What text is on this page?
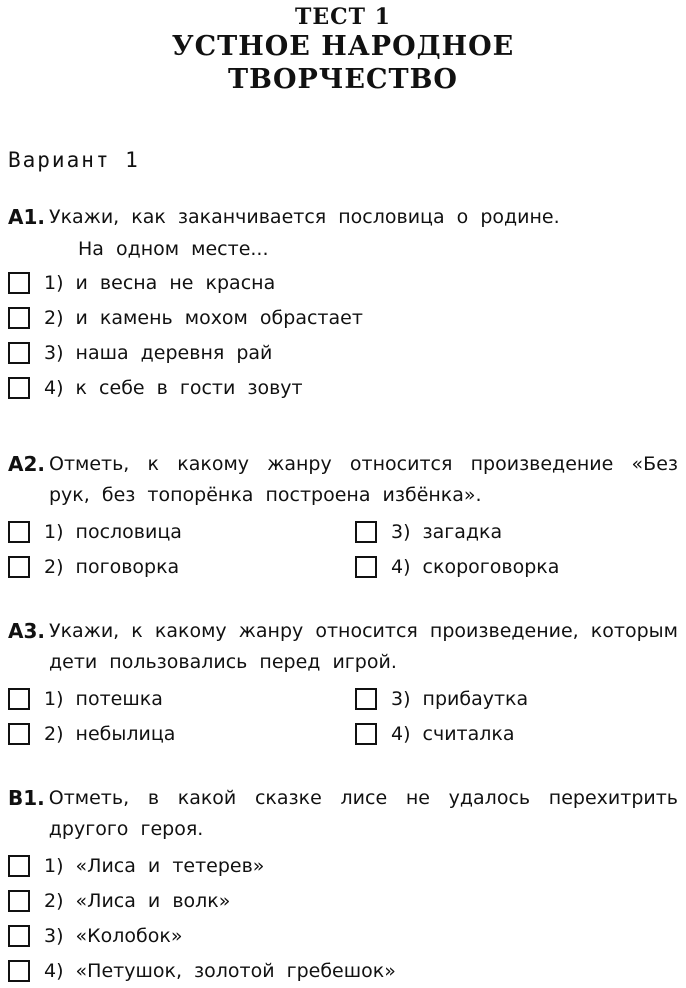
ТЕСТ 1
УСТНОЕ НАРОДНОЕ
ТВОРЧЕСТВО
Вариант 1
А1. Укажи, как заканчивается пословица о родине.
На одном месте...
1) и весна не красна
2) и камень мохом обрастает
3) наша деревня рай
4) к себе в гости зовут
А2. Отметь, к какому жанру относится произведение «Без рук, без топорёнка построена избёнка».
1) пословица	3) загадка
2) поговорка	4) скороговорка
А3. Укажи, к какому жанру относится произведение, которым дети пользовались перед игрой.
1) потешка	3) прибаутка
2) небылица	4) считалка
В1. Отметь, в какой сказке лисе не удалось перехитрить другого героя.
1) «Лиса и тетерев»
2) «Лиса и волк»
3) «Колобок»
4) «Петушок, золотой гребешок»
